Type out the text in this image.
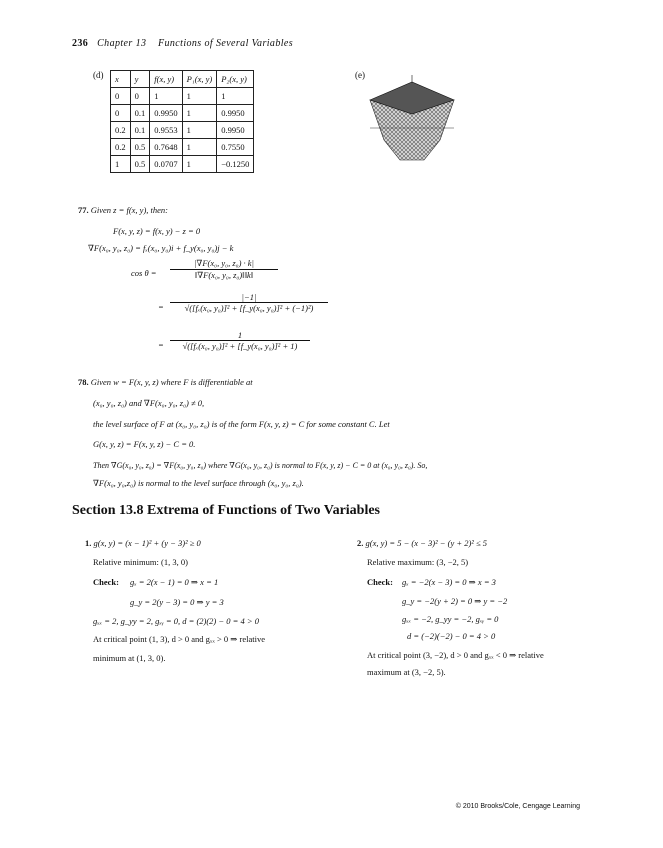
236 Chapter 13 Functions of Several Variables
(d) x	y	f(x, y)	P₁(x, y)	P₂(x, y)
0	0	1	1	1
0	0.1	0.9950	1	0.9950
0.2	0.1	0.9553	1	0.9950
0.2	0.5	0.7648	1	0.7550
1	0.5	0.0707	1	−0.1250
(e)
77. Given z = f(x, y), then:
F(x, y, z) = f(x, y) − z = 0
∇F(x₀, y₀, z₀) = fₓ(x₀, y₀)i + f_y(x₀, y₀)j − k
$\cos \theta = \frac{\text{|∇F(x₀, y₀, z₀) · k|}}{\text{‖∇F(x₀, y₀, z₀)‖‖k‖}}$
= $\frac{|-1|}{\text{√([fₓ(x₀, y₀)]² + [f\_y(x₀, y₀)]² + (−1)²)}}$
= $\frac{1}{\text{√([fₓ(x₀, y₀)]² + [f\_y(x₀, y₀)]² + 1)}}$
78. Given w = F(x, y, z) where F is differentiable at
(x₀, y₀, z₀) and ∇F(x₀, y₀, z₀) ≠ 0,
the level surface of F at (x₀, y₀, z₀) is of the form F(x, y, z) = C for some constant C. Let
G(x, y, z) = F(x, y, z) − C = 0.
Then ∇G(x₀, y₀, z₀) = ∇F(x₀, y₀, z₀) where ∇G(x₀, y₀, z₀) is normal to F(x, y, z) − C = 0 at (x₀, y₀, z₀). So,
∇F(x₀, y₀,z₀) is normal to the level surface through (x₀, y₀, z₀).
Section 13.8 Extrema of Functions of Two Variables
1. g(x, y) = (x − 1)² + (y − 3)² ≥ 0
Relative minimum: (1, 3, 0)
Check: gₓ = 2(x − 1) = 0 ⇒ x = 1
g_y = 2(y − 3) = 0 ⇒ y = 3
gₓₓ = 2, g_yy = 2, gₓᵧ = 0, d = (2)(2) − 0 = 4 > 0
At critical point (1, 3), d > 0 and gₓₓ > 0 ⇒ relative
minimum at (1, 3, 0).
2. g(x, y) = 5 − (x − 3)² − (y + 2)² ≤ 5
Relative maximum: (3, −2, 5)
Check: gₓ = −2(x − 3) = 0 ⇒ x = 3
g_y = −2(y + 2) = 0 ⇒ y = −2
gₓₓ = −2, g_yy = −2, gₓᵧ = 0
d = (−2)(−2) − 0 = 4 > 0
At critical point (3, −2), d > 0 and gₓₓ < 0 ⇒ relative
maximum at (3, −2, 5).
© 2010 Brooks/Cole, Cengage Learning
